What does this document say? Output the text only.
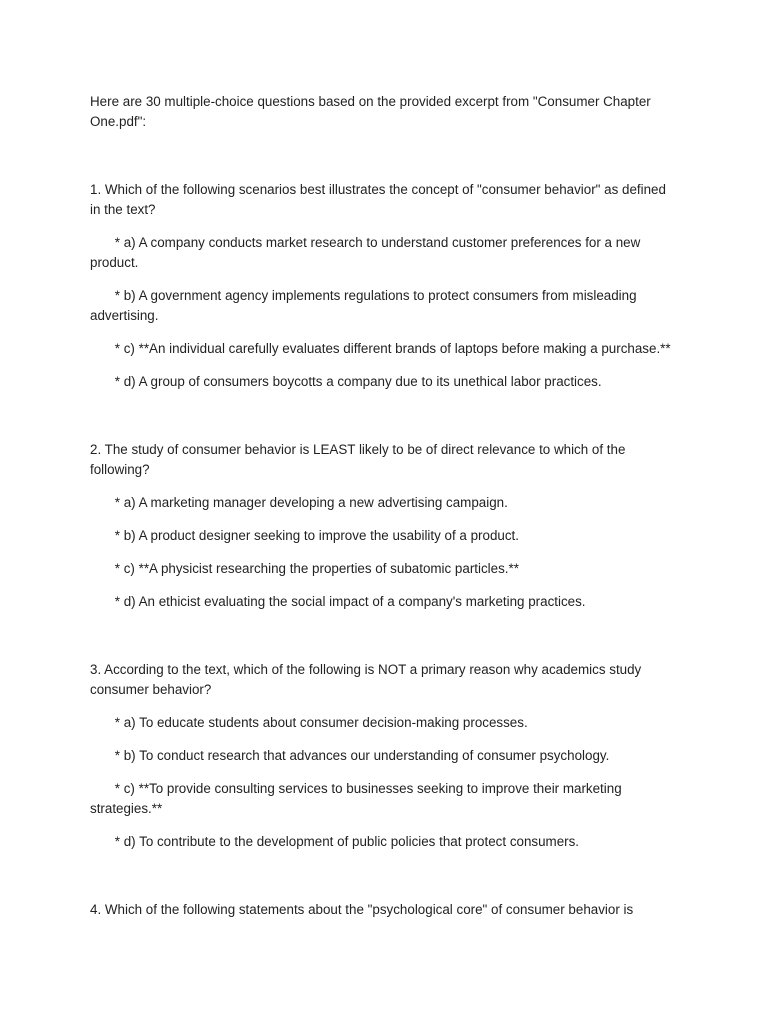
Here are 30 multiple-choice questions based on the provided excerpt from "Consumer Chapter One.pdf":

1. Which of the following scenarios best illustrates the concept of "consumer behavior" as defined in the text?

* a) A company conducts market research to understand customer preferences for a new product.

* b) A government agency implements regulations to protect consumers from misleading advertising.

* c) **An individual carefully evaluates different brands of laptops before making a purchase.**

* d) A group of consumers boycotts a company due to its unethical labor practices.

2. The study of consumer behavior is LEAST likely to be of direct relevance to which of the following?

* a) A marketing manager developing a new advertising campaign.

* b) A product designer seeking to improve the usability of a product.

* c) **A physicist researching the properties of subatomic particles.**

* d) An ethicist evaluating the social impact of a company's marketing practices.

3. According to the text, which of the following is NOT a primary reason why academics study consumer behavior?

* a) To educate students about consumer decision-making processes.

* b) To conduct research that advances our understanding of consumer psychology.

* c) **To provide consulting services to businesses seeking to improve their marketing strategies.**

* d) To contribute to the development of public policies that protect consumers.

4. Which of the following statements about the "psychological core" of consumer behavior is
